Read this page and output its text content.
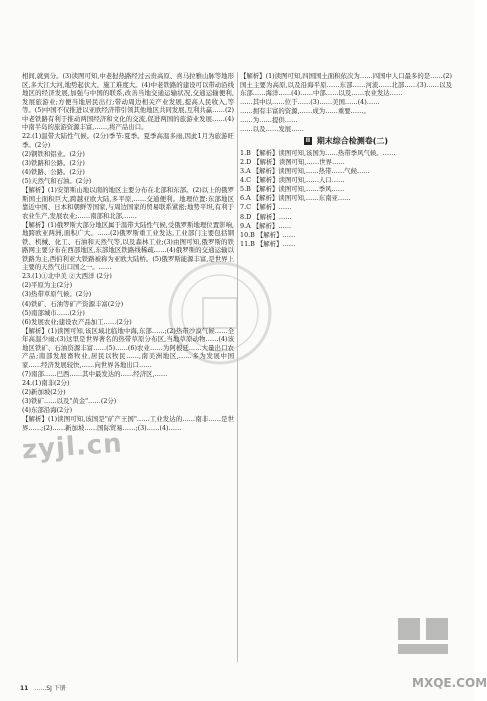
相间,就到分。(3)读图可知,中老挝热路经过云贵高原、喜马拉雅山脉等地形区,多大江大河,地势起伏大、施工难度大。(4)中老铁路的建设可以带动沿线地区的经济发展,加强与中国的联系,改善当地交通运输状况,交通运输便利,发展旅游业;方便当地居民出行;带动周边相关产业发展,提高人民收入,等等。(5)中国不仅推进以亚欧经济带引领其他地区共同发展,互利共赢……(2)中老铁路有利于推动两国经济和文化的交流,促进两国的旅游业发展……(4)中南半岛的旅游资源丰富,……,将产品出口。

22.(1)温带大陆性气候。(2分)季节:夏季。夏季高温多雨,因此1月为旅游旺季。(2分)

(2)钢铁和铝业。(2分)

(3)铁路和公路。(2分)

(4)铁路、公路。(2分)

(5)天然气和石油。(2分)

【解析】(1)安第斯山地以南的地区主要分布在北部和东部。(2)以上的俄罗斯国土面积巨大,跨越亚欧大陆,多平原,……交通便利。地理位置:东部地区靠近中国、日本和朝鲜等国家,与周边国家的贸易联系紧密;地势平坦,有利于农业生产,发展农业;……南部和北部,……

【解析】(1)俄罗斯大部分地区属于温带大陆性气候,受俄罗斯地理位置影响,地跨欧亚两洲,面积广大。……(2)俄罗斯重工业发达,工业部门主要包括钢铁、机械、化工、石油和天然气等,以及森林工业;(3)由图可知,俄罗斯的铁路网主要分布在西部地区,东部地区铁路线稀疏……(4)俄罗斯的交通运输以铁路为主,西伯利亚大铁路被称为亚欧大陆桥。(5)俄罗斯能源丰富,是世界上主要的天然气出口国之一。……

23.(1)①北中美 ②大西洋 (2分)

(2)平原为主(2分)

(3)热带草原气候。(2分)

(4)铁矿、石油等矿产资源丰富(2分)

(5)南部城市……(2分)

(6)发展农业;建设农产品加工……(2分)

【解析】(1)读图可知,该区域北临地中海,东部……;(2)热带沙漠气候……全年高温少雨;(3)这里是世界著名的热带草原分布区,当地草原动物……(4)该地区铁矿、石油资源丰富……(5)……(6)农业……为阿根廷……大量出口农产品;南部发展畜牧业,居民以牧民……,南美洲地区,……多为发展中国家……经济发展较快,……向世界各地出口……

(7)南部……巴西……其中最发达的……经济区,……

24.(1)南非(2分)

(2)新加坡(2分)

(3)铁矿……以及"黄金"……(2分)

(4)东部沿海(2分)

【解析】(1)读图可知,该国是"矿产王国"……工业发达的……南非……是世界……;(2)……新加坡……国际贸易……;(3)……(4)……

【解析】(1)读图可知,四国国土面积依次为……四国中人口最多的是……(2)国土主要为高原,以及沿海平原……东部……河流……北部……(3)……以及东部……海洋……(4)……中部……以及……农业发达……

……其中以……位于……(3)……美国……(4)……

……拥有丰富的资源,……成为……重要……。

……为……提供……

……以及……发展……

II 期末综合检测卷(二)

1.B 【解析】读图可知,该国为……热带季风气候。……

2.D 【解析】读图可知,……世界……

3.A 【解析】读图可知,……热带……气候……

4.C 【解析】读图可知,……人口……

5.B 【解析】读图可知,……季风……

6.A 【解析】读图可知,……东南亚……

7.C 【解析】……

8.D 【解析】……

9.A 【解析】……

10.B 【解析】……

11.B 【解析】……

zyjl.cn
MXQE.COM
11 ……SJ 下册
